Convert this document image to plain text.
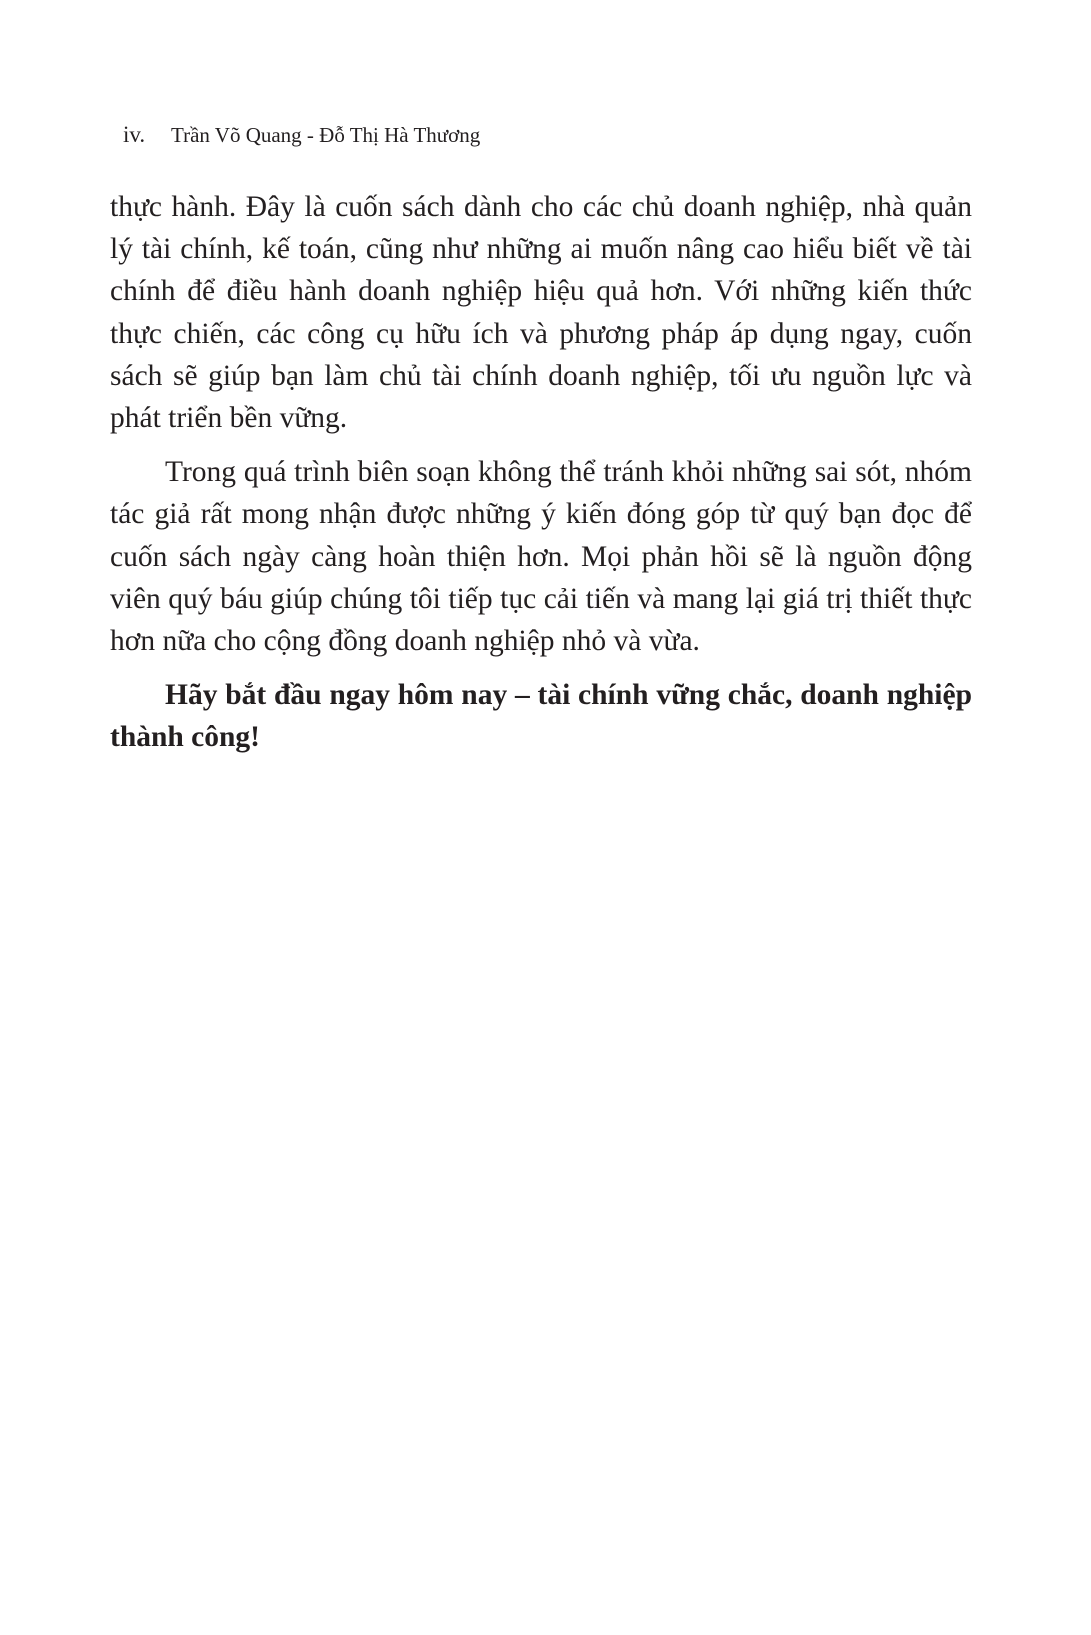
iv. Trần Võ Quang - Đỗ Thị Hà Thương

thực hành. Đây là cuốn sách dành cho các chủ doanh nghiệp, nhà quản lý tài chính, kế toán, cũng như những ai muốn nâng cao hiểu biết về tài chính để điều hành doanh nghiệp hiệu quả hơn. Với những kiến thức thực chiến, các công cụ hữu ích và phương pháp áp dụng ngay, cuốn sách sẽ giúp bạn làm chủ tài chính doanh nghiệp, tối ưu nguồn lực và phát triển bền vững.

Trong quá trình biên soạn không thể tránh khỏi những sai sót, nhóm tác giả rất mong nhận được những ý kiến đóng góp từ quý bạn đọc để cuốn sách ngày càng hoàn thiện hơn. Mọi phản hồi sẽ là nguồn động viên quý báu giúp chúng tôi tiếp tục cải tiến và mang lại giá trị thiết thực hơn nữa cho cộng đồng doanh nghiệp nhỏ và vừa.

Hãy bắt đầu ngay hôm nay – tài chính vững chắc, doanh nghiệp thành công!
